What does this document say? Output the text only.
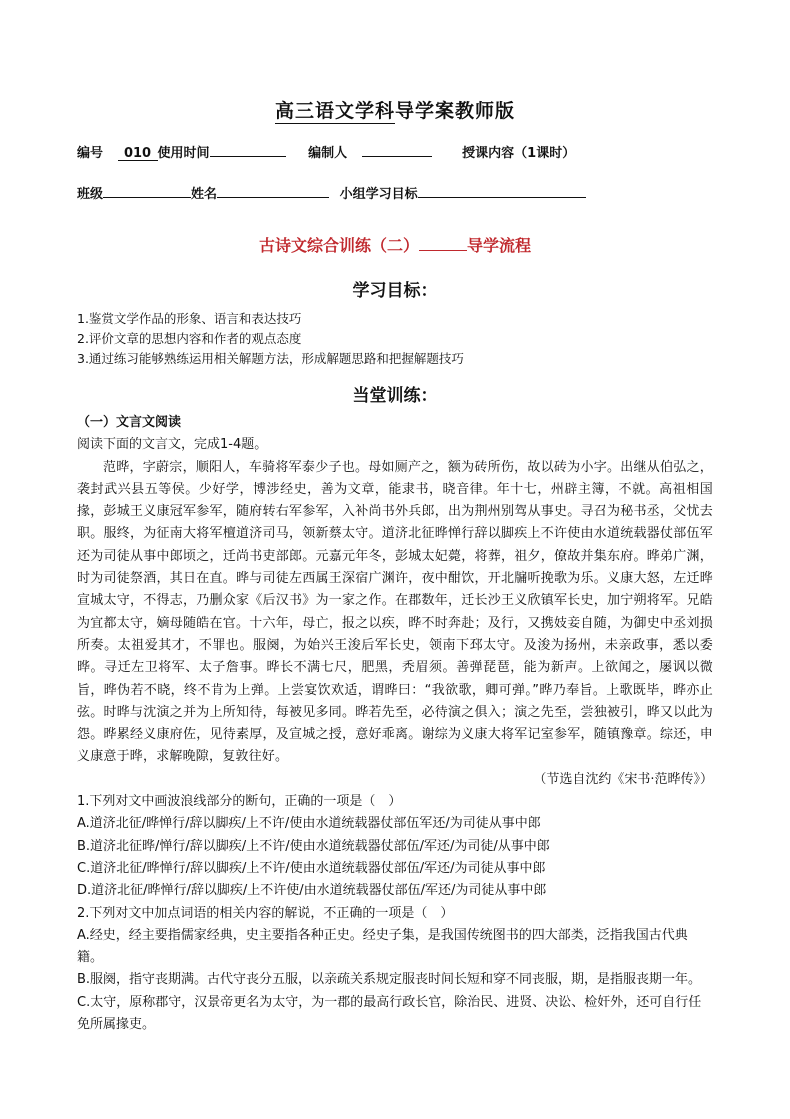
高三语文学科导学案教师版
编号 010 使用时间	编制人	授课内容（1课时）
班级	姓名	小组学习目标
古诗文综合训练（二）	导学流程
学习目标：
1.鉴赏文学作品的形象、语言和表达技巧
2.评价文章的思想内容和作者的观点态度
3.通过练习能够熟练运用相关解题方法，形成解题思路和把握解题技巧
当堂训练：

（一）文言文阅读

阅读下面的文言文，完成1-4题。

范晔，字蔚宗，顺阳人，车骑将军泰少子也。母如厕产之，额为砖所伤，故以砖为小字。出继从伯弘之，袭封武兴县五等侯。少好学，博涉经史，善为文章，能隶书，晓音律。年十七，州辟主簿，不就。高祖相国掾，彭城王义康冠军参军，随府转右军参军，入补尚书外兵郎，出为荆州别驾从事史。寻召为秘书丞，父忧去职。服终，为征南大将军檀道济司马，领新蔡太守。道济北征晔惮行辞以脚疾上不许使由水道统载器仗部伍军还为司徒从事中郎顷之，迁尚书吏部郎。元嘉元年冬，彭城太妃薨，将葬，祖夕，僚故并集东府。晔弟广渊，时为司徒祭酒，其日在直。晔与司徒左西属王深宿广渊许，夜中酣饮，开北牖听挽歌为乐。义康大怒，左迁晔宣城太守，不得志，乃删众家《后汉书》为一家之作。在郡数年，迁长沙王义欣镇军长史，加宁朔将军。兄皓为宜都太守，嫡母随皓在官。十六年，母亡，报之以疾，晔不时奔赴；及行，又携妓妾自随，为御史中丞刘损所奏。太祖爱其才，不罪也。服阕，为始兴王浚后军长史，领南下邳太守。及浚为扬州，未亲政事，悉以委晔。寻迁左卫将军、太子詹事。晔长不满七尺，肥黑，秃眉须。善弹琵琶，能为新声。上欲闻之，屡讽以微旨，晔伪若不晓，终不肯为上弹。上尝宴饮欢适，谓晔曰：“我欲歌，卿可弹。”晔乃奉旨。上歌既毕，晔亦止弦。时晔与沈演之并为上所知待，每被见多同。晔若先至，必待演之俱入；演之先至，尝独被引，晔又以此为怨。晔累经义康府佐，见待素厚，及宣城之授，意好乖离。谢综为义康大将军记室参军，随镇豫章。综还，申义康意于晔，求解晚隙，复敦往好。

（节选自沈约《宋书·范晔传》）

1.下列对文中画波浪线部分的断句，正确的一项是（　）

A.道济北征/晔惮行/辞以脚疾/上不许/使由水道统载器仗部伍军还/为司徒从事中郎

B.道济北征晔/惮行/辞以脚疾/上不许/使由水道统载器仗部伍/军还/为司徒/从事中郎

C.道济北征/晔惮行/辞以脚疾/上不许/使由水道统载器仗部伍/军还/为司徒从事中郎

D.道济北征/晔惮行/辞以脚疾/上不许使/由水道统载器仗部伍/军还/为司徒从事中郎

2.下列对文中加点词语的相关内容的解说，不正确的一项是（　）

A.经史，经主要指儒家经典，史主要指各种正史。经史子集，是我国传统图书的四大部类，泛指我国古代典籍。

B.服阕，指守丧期满。古代守丧分五服，以亲疏关系规定服丧时间长短和穿不同丧服，期，是指服丧期一年。

C.太守，原称郡守，汉景帝更名为太守，为一郡的最高行政长官，除治民、进贤、决讼、检奸外，还可自行任免所属掾吏。
